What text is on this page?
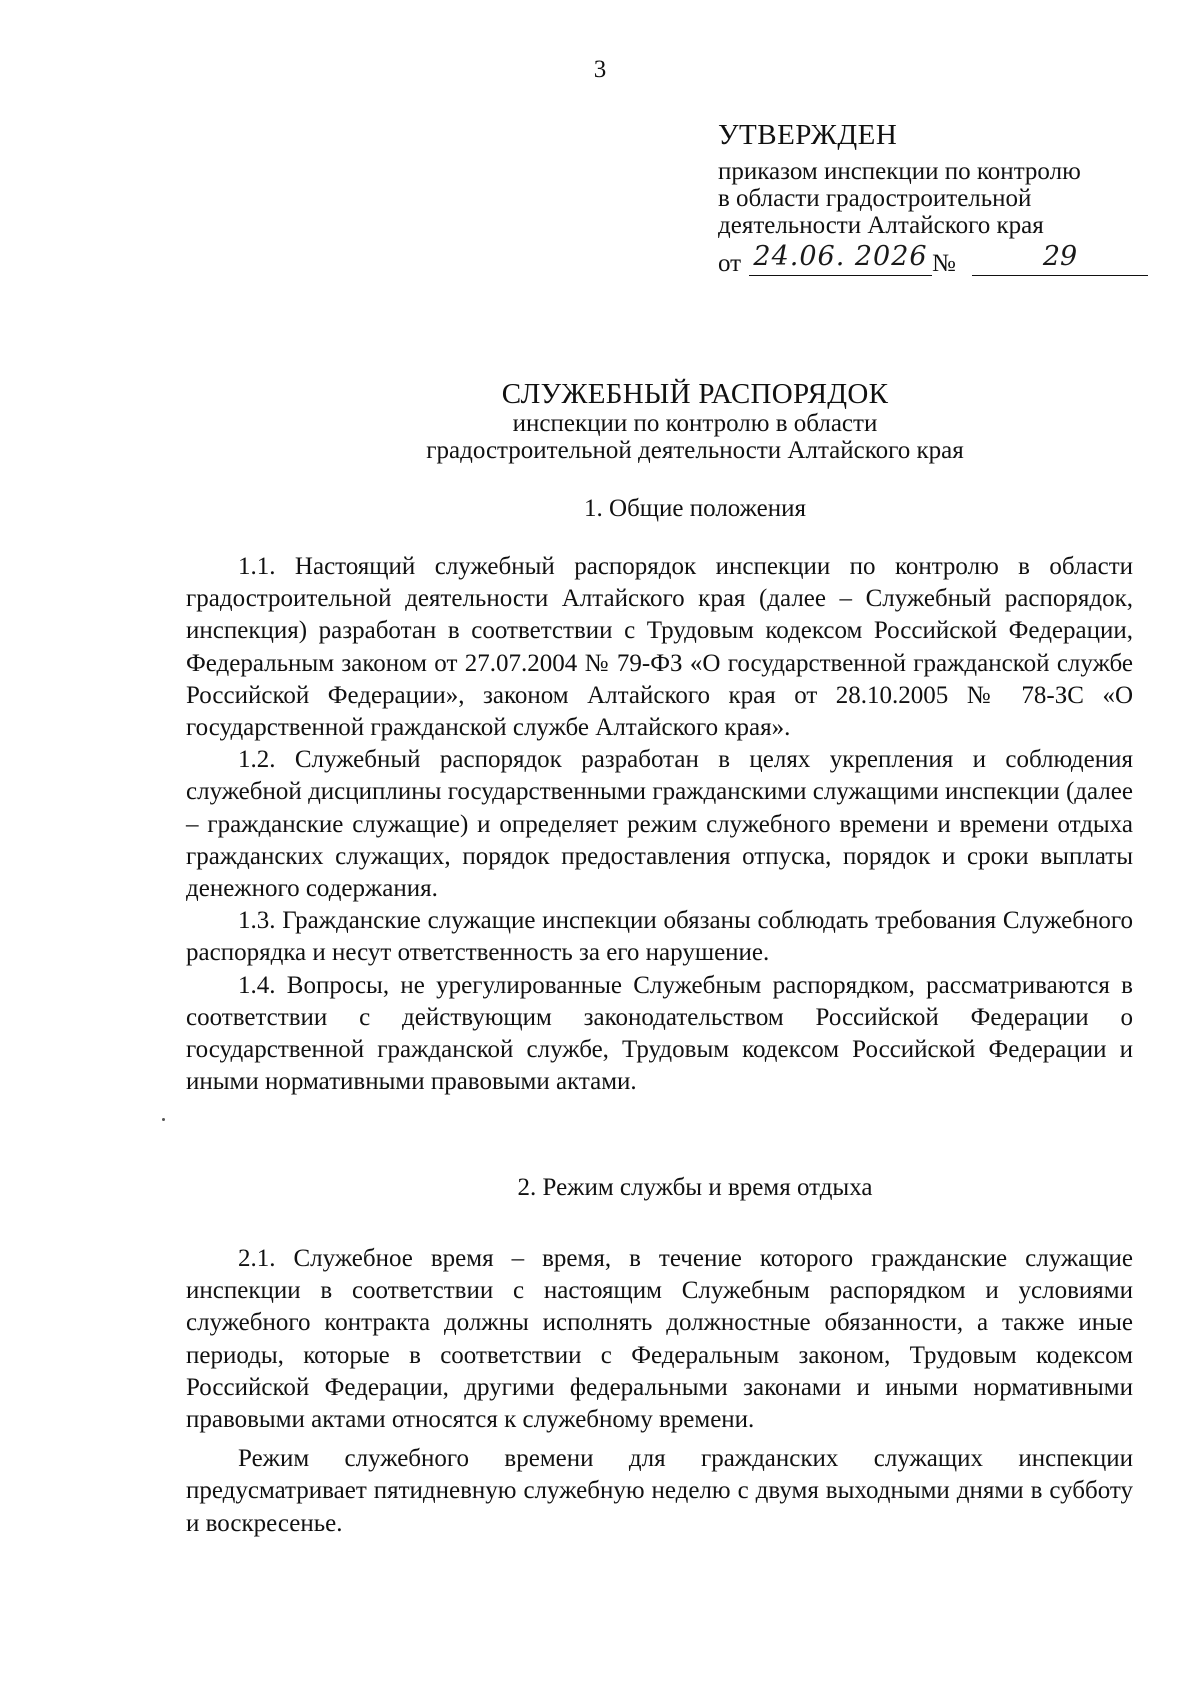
3
УТВЕРЖДЕН
приказом инспекции по контролю
в области градостроительной
деятельности Алтайского края
от 24.06. 2026 №	29
СЛУЖЕБНЫЙ РАСПОРЯДОК
инспекции по контролю в области
градостроительной деятельности Алтайского края
1. Общие положения

1.1. Настоящий служебный распорядок инспекции по контролю в области градостроительной деятельности Алтайского края (далее – Служебный распорядок, инспекция) разработан в соответствии с Трудовым кодексом Российской Федерации, Федеральным законом от 27.07.2004 № 79-ФЗ «О государственной гражданской службе Российской Федерации», законом Алтайского края от 28.10.2005 № 78-ЗС «О государственной гражданской службе Алтайского края».

1.2. Служебный распорядок разработан в целях укрепления и соблюдения служебной дисциплины государственными гражданскими служащими инспекции (далее – гражданские служащие) и определяет режим служебного времени и времени отдыха гражданских служащих, порядок предоставления отпуска, порядок и сроки выплаты денежного содержания.

1.3. Гражданские служащие инспекции обязаны соблюдать требования Служебного распорядка и несут ответственность за его нарушение.

1.4. Вопросы, не урегулированные Служебным распорядком, рассматриваются в соответствии с действующим законодательством Российской Федерации о государственной гражданской службе, Трудовым кодексом Российской Федерации и иными нормативными правовыми актами.

2. Режим службы и время отдыха

2.1. Служебное время – время, в течение которого гражданские служащие инспекции в соответствии с настоящим Служебным распорядком и условиями служебного контракта должны исполнять должностные обязанности, а также иные периоды, которые в соответствии с Федеральным законом, Трудовым кодексом Российской Федерации, другими федеральными законами и иными нормативными правовыми актами относятся к служебному времени.

Режим служебного времени для гражданских служащих инспекции предусматривает пятидневную служебную неделю с двумя выходными днями в субботу и воскресенье.
